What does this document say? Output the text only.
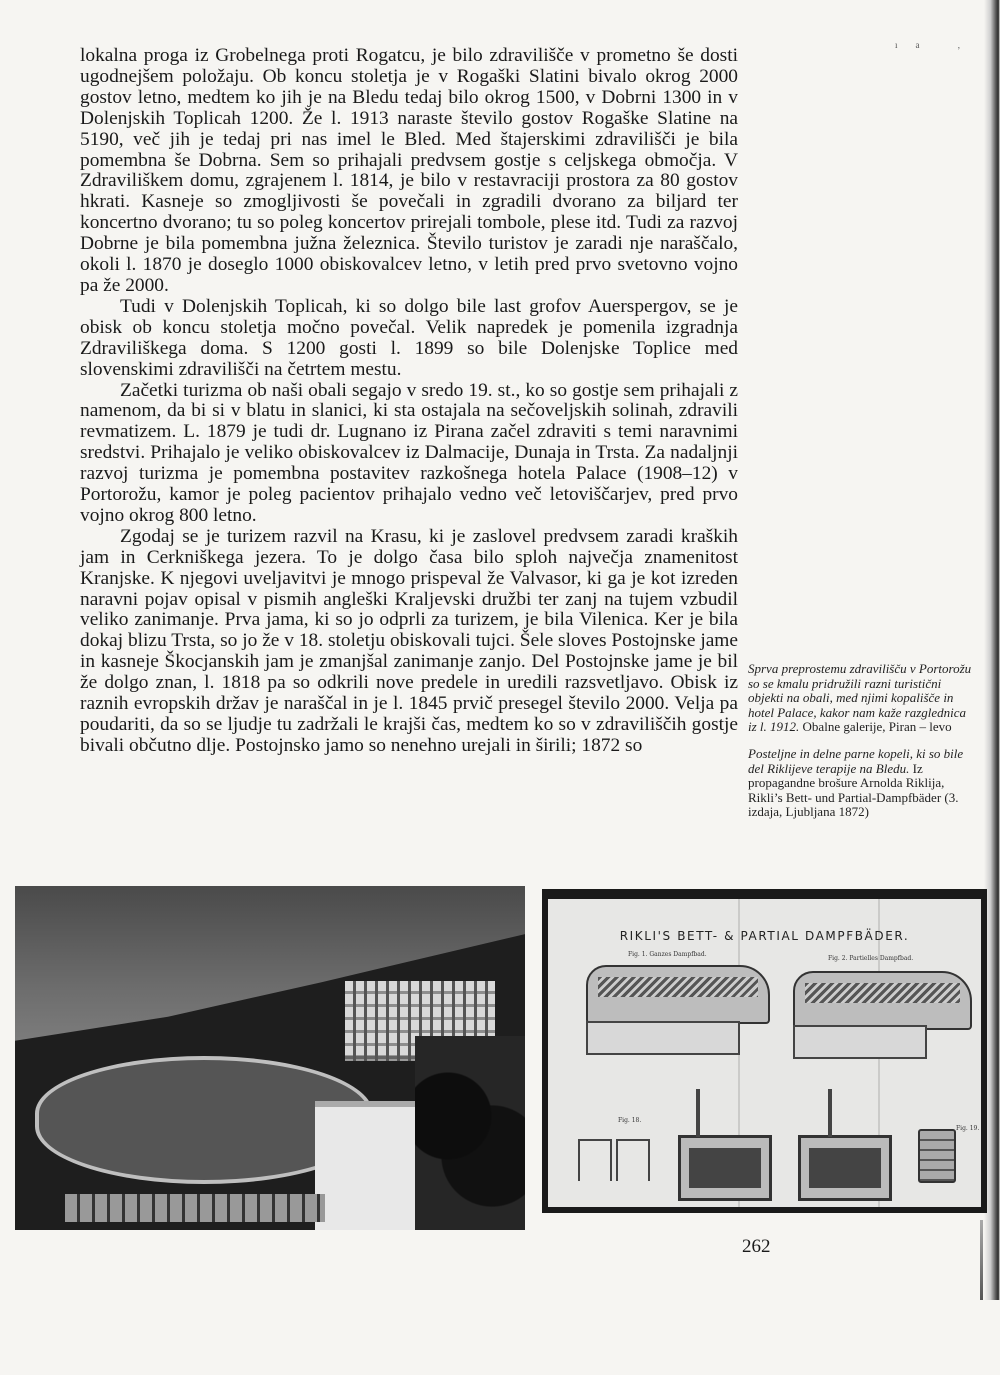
ıa ,

lokalna proga iz Grobelnega proti Rogatcu, je bilo zdravilišče v prometno še dosti ugodnejšem položaju. Ob koncu stoletja je v Rogaški Slatini bivalo okrog 2000 gostov letno, medtem ko jih je na Bledu tedaj bilo okrog 1500, v Dobrni 1300 in v Dolenjskih Toplicah 1200. Že l. 1913 naraste število gostov Rogaške Slatine na 5190, več jih je tedaj pri nas imel le Bled. Med štajerskimi zdravilišči je bila pomembna še Dobrna. Sem so prihajali predvsem gostje s celjskega območja. V Zdraviliškem domu, zgrajenem l. 1814, je bilo v restavraciji prostora za 80 gostov hkrati. Kasneje so zmogljivosti še povečali in zgradili dvorano za biljard ter koncertno dvorano; tu so poleg koncertov prirejali tombole, plese itd. Tudi za razvoj Dobrne je bila pomembna južna železnica. Število turistov je zaradi nje naraščalo, okoli l. 1870 je doseglo 1000 obiskovalcev letno, v letih pred prvo svetovno vojno pa že 2000.

Tudi v Dolenjskih Toplicah, ki so dolgo bile last grofov Auerspergov, se je obisk ob koncu stoletja močno povečal. Velik napredek je pomenila izgradnja Zdraviliškega doma. S 1200 gosti l. 1899 so bile Dolenjske Toplice med slovenskimi zdravilišči na četrtem mestu.

Začetki turizma ob naši obali segajo v sredo 19. st., ko so gostje sem prihajali z namenom, da bi si v blatu in slanici, ki sta ostajala na sečoveljskih solinah, zdravili revmatizem. L. 1879 je tudi dr. Lugnano iz Pirana začel zdraviti s temi naravnimi sredstvi. Prihajalo je veliko obiskovalcev iz Dalmacije, Dunaja in Trsta. Za nadaljnji razvoj turizma je pomembna postavitev razkošnega hotela Palace (1908–12) v Portorožu, kamor je poleg pacientov prihajalo vedno več letoviščarjev, pred prvo vojno okrog 800 letno.

Zgodaj se je turizem razvil na Krasu, ki je zaslovel predvsem zaradi kraških jam in Cerkniškega jezera. To je dolgo časa bilo sploh največja znamenitost Kranjske. K njegovi uveljavitvi je mnogo prispeval že Valvasor, ki ga je kot izreden naravni pojav opisal v pismih angleški Kraljevski družbi ter zanj na tujem vzbudil veliko zanimanje. Prva jama, ki so jo odprli za turizem, je bila Vilenica. Ker je bila dokaj blizu Trsta, so jo že v 18. stoletju obiskovali tujci. Šele sloves Postojnske jame in kasneje Škocjanskih jam je zmanjšal zanimanje zanjo. Del Postojnske jame je bil že dolgo znan, l. 1818 pa so odkrili nove predele in uredili razsvetljavo. Obisk iz raznih evropskih držav je naraščal in je l. 1845 prvič presegel število 2000. Velja pa poudariti, da so se ljudje tu zadržali le krajši čas, medtem ko so v zdraviliščih gostje bivali občutno dlje. Postojnsko jamo so nenehno urejali in širili; 1872 so

Sprva preprostemu zdravilišču v Portorožu so se kmalu pridružili razni turistični objekti na obali, med njimi kopališče in hotel Palace, kakor nam kaže razglednica iz l. 1912. Obalne galerije, Piran – levo

Posteljne in delne parne kopeli, ki so bile del Riklijeve terapije na Bledu. Iz propagandne brošure Arnolda Riklija, Rikli’s Bett- und Partial-Dampfbäder (3. izdaja, Ljubljana 1872)

RIKLI'S BETT- & PARTIAL DAMPFBÄDER.
Fig. 1. Ganzes Dampfbad.
Fig. 2. Partielles Dampfbad.
Fig. 18.
Fig. 19.
262
